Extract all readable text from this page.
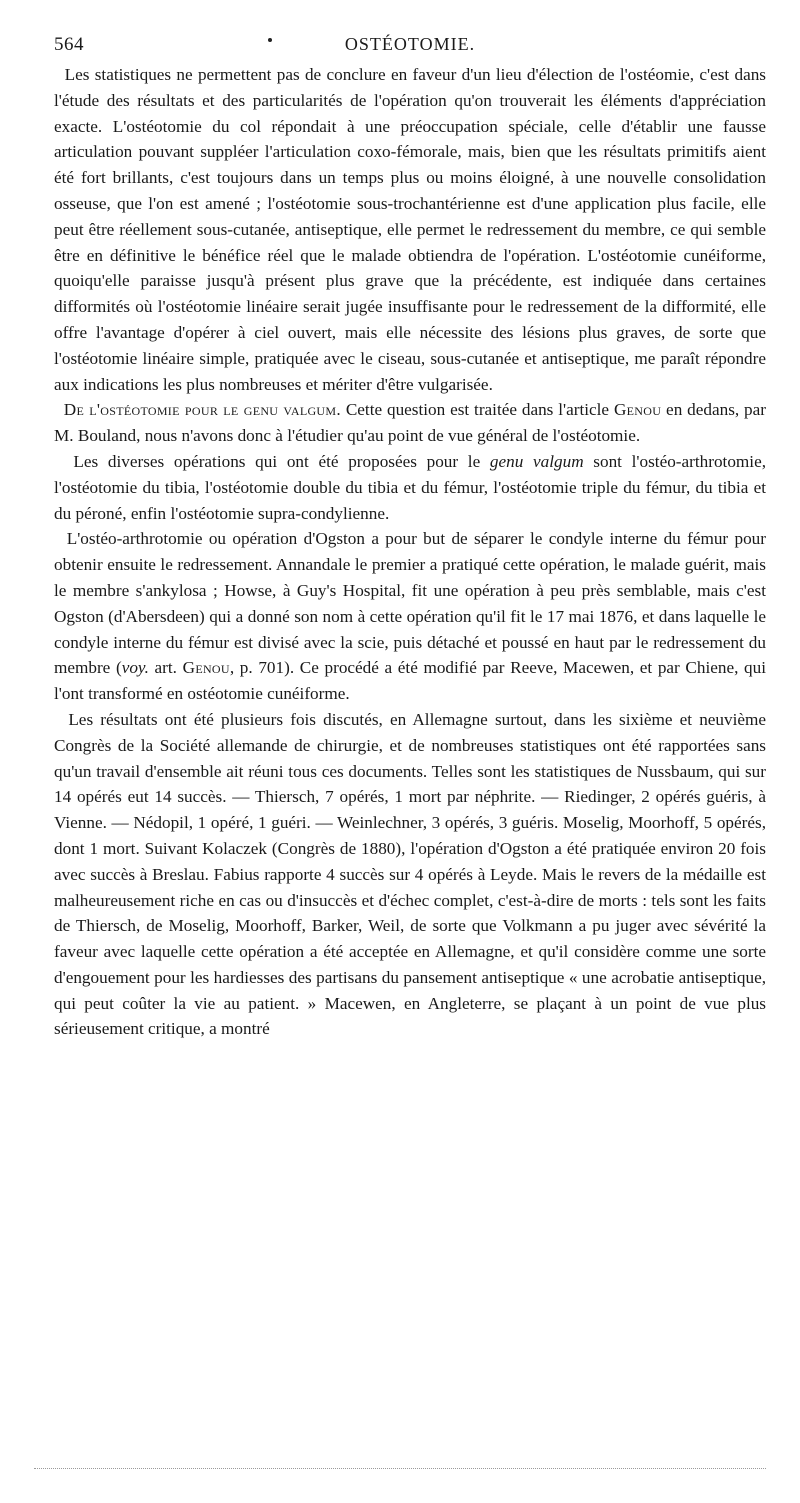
564	OSTÉOTOMIE.

Les statistiques ne permettent pas de conclure en faveur d'un lieu d'élection de l'ostéomie, c'est dans l'étude des résultats et des particularités de l'opération qu'on trouverait les éléments d'appréciation exacte. L'ostéotomie du col répondait à une préoccupation spéciale, celle d'établir une fausse articulation pouvant suppléer l'articulation coxo-fémorale, mais, bien que les résultats primitifs aient été fort brillants, c'est toujours dans un temps plus ou moins éloigné, à une nouvelle consolidation osseuse, que l'on est amené ; l'ostéotomie sous-trochantérienne est d'une application plus facile, elle peut être réellement sous-cutanée, antiseptique, elle permet le redressement du membre, ce qui semble être en définitive le bénéfice réel que le malade obtiendra de l'opération. L'ostéotomie cunéiforme, quoiqu'elle paraisse jusqu'à présent plus grave que la précédente, est indiquée dans certaines difformités où l'ostéotomie linéaire serait jugée insuffisante pour le redressement de la difformité, elle offre l'avantage d'opérer à ciel ouvert, mais elle nécessite des lésions plus graves, de sorte que l'ostéotomie linéaire simple, pratiquée avec le ciseau, sous-cutanée et antiseptique, me paraît répondre aux indications les plus nombreuses et mériter d'être vulgarisée.

De l'ostéotomie pour le genu valgum. Cette question est traitée dans l'article Genou en dedans, par M. Bouland, nous n'avons donc à l'étudier qu'au point de vue général de l'ostéotomie.

Les diverses opérations qui ont été proposées pour le genu valgum sont l'ostéo-arthrotomie, l'ostéotomie du tibia, l'ostéotomie double du tibia et du fémur, l'ostéotomie triple du fémur, du tibia et du péroné, enfin l'ostéotomie supra-condylienne.

L'ostéo-arthrotomie ou opération d'Ogston a pour but de séparer le condyle interne du fémur pour obtenir ensuite le redressement. Annandale le premier a pratiqué cette opération, le malade guérit, mais le membre s'ankylosa ; Howse, à Guy's Hospital, fit une opération à peu près semblable, mais c'est Ogston (d'Abersdeen) qui a donné son nom à cette opération qu'il fit le 17 mai 1876, et dans laquelle le condyle interne du fémur est divisé avec la scie, puis détaché et poussé en haut par le redressement du membre (voy. art. Genou, p. 701). Ce procédé a été modifié par Reeve, Macewen, et par Chiene, qui l'ont transformé en ostéotomie cunéiforme.

Les résultats ont été plusieurs fois discutés, en Allemagne surtout, dans les sixième et neuvième Congrès de la Société allemande de chirurgie, et de nombreuses statistiques ont été rapportées sans qu'un travail d'ensemble ait réuni tous ces documents. Telles sont les statistiques de Nussbaum, qui sur 14 opérés eut 14 succès. — Thiersch, 7 opérés, 1 mort par néphrite. — Riedinger, 2 opérés guéris, à Vienne. — Nédopil, 1 opéré, 1 guéri. — Weinlechner, 3 opérés, 3 guéris. Moselig, Moorhoff, 5 opérés, dont 1 mort. Suivant Kolaczek (Congrès de 1880), l'opération d'Ogston a été pratiquée environ 20 fois avec succès à Breslau. Fabius rapporte 4 succès sur 4 opérés à Leyde. Mais le revers de la médaille est malheureusement riche en cas ou d'insuccès et d'échec complet, c'est-à-dire de morts : tels sont les faits de Thiersch, de Moselig, Moorhoff, Barker, Weil, de sorte que Volkmann a pu juger avec sévérité la faveur avec laquelle cette opération a été acceptée en Allemagne, et qu'il considère comme une sorte d'engouement pour les hardiesses des partisans du pansement antiseptique « une acrobatie antiseptique, qui peut coûter la vie au patient. » Macewen, en Angleterre, se plaçant à un point de vue plus sérieusement critique, a montré
